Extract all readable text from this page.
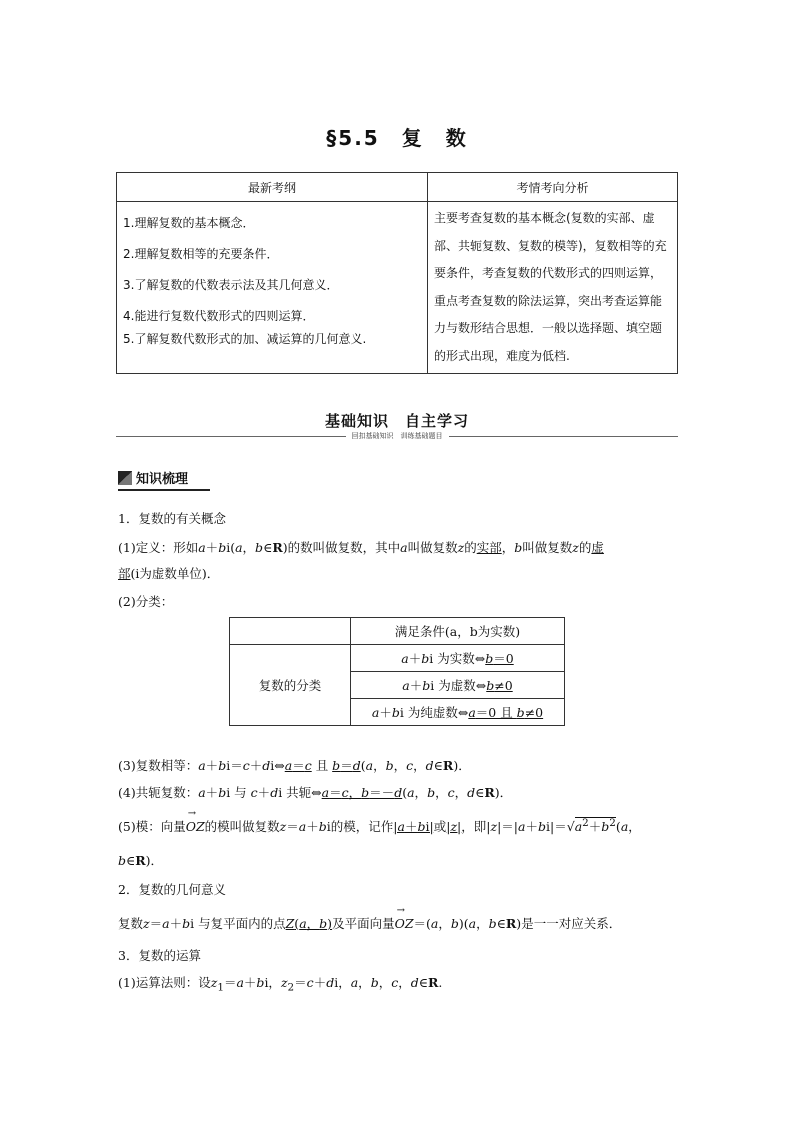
§5.5　复　数
最新考纲	考情考向分析

1.理解复数的基本概念．
2.理解复数相等的充要条件．
3.了解复数的代数表示法及其几何意义．
4.能进行复数代数形式的四则运算．
5.了解复数代数形式的加、减运算的几何意义.	主要考查复数的基本概念(复数的实部、虚部、共轭复数、复数的模等)，复数相等的充要条件，考查复数的代数形式的四则运算，重点考查复数的除法运算，突出考查运算能力与数形结合思想．一般以选择题、填空题的形式出现，难度为低档.
基础知识　自主学习
回扣基础知识　训练基础题目
知识梳理
1．复数的有关概念
(1)定义：形如a＋bi(a，b∈R)的数叫做复数，其中a叫做复数z的实部，b叫做复数z的虚
部(i为虚数单位)．
(2)分类：
	满足条件(a，b为实数)
复数的分类	a＋bi 为实数⇔b＝0
	a＋bi 为虚数⇔b≠0
	a＋bi 为纯虚数⇔a＝0 且 b≠0
(3)复数相等：a＋bi＝c＋di⇔a＝c 且 b＝d(a，b，c，d∈R)．
(4)共轭复数：a＋bi 与 c＋di 共轭⇔a＝c，b＝－d(a，b，c，d∈R)．
(5)模：向量→ OZ的模叫做复数z＝a＋bi的模，记作|a＋bi|或|z|，即$|z|=|a+bi|=√a^2+b^2(a$，
b∈R)．
2．复数的几何意义
复数z＝a＋bi 与复平面内的点Z(a，b)及平面向量→ OZ＝(a，b)(a，b∈R)是一一对应关系．
3．复数的运算
(1)运算法则：设$z_1=a+bi$，$z_2=c+di$，a，b，c，d∈R.
